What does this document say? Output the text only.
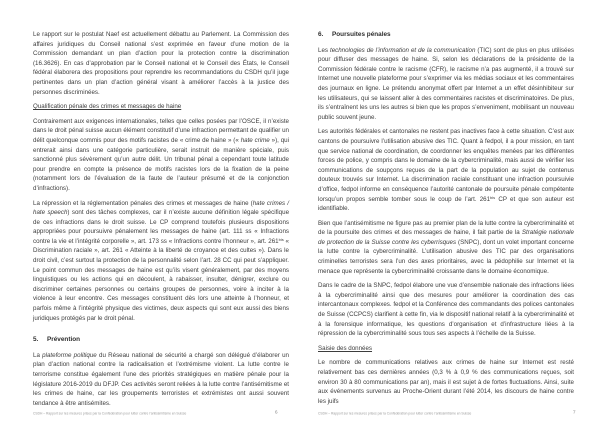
Le rapport sur le postulat Naef est actuellement débattu au Parlement. La Commission des affaires juridiques du Conseil national s’est exprimée en faveur d’une motion de la Commission demandant un plan d’action pour la protection contre la discrimination (16.3626). En cas d’approbation par le Conseil national et le Conseil des États, le Conseil fédéral élaborera des propositions pour reprendre les recommandations du CSDH qu’il juge pertinentes dans un plan d’action général visant à améliorer l’accès à la justice des personnes discriminées.

Qualification pénale des crimes et messages de haine

Contrairement aux exigences internationales, telles que celles posées par l’OSCE, il n’existe dans le droit pénal suisse aucun élément constitutif d’une infraction permettant de qualifier un délit quelconque commis pour des motifs racistes de « crime de haine » (« hate crime »), qui entrerait ainsi dans une catégorie particulière, serait instruit de manière spéciale, puis sanctionné plus sévèrement qu’un autre délit. Un tribunal pénal a cependant toute latitude pour prendre en compte la présence de motifs racistes lors de la fixation de la peine (notamment lors de l’évaluation de la faute de l’auteur présumé et de la conjonction d’infractions).

La répression et la réglementation pénales des crimes et messages de haine (hate crimes / hate speech) sont des tâches complexes, car il n’existe aucune définition légale spécifique de ces infractions dans le droit suisse. Le CP comprend toutefois plusieurs dispositions appropriées pour poursuivre pénalement les messages de haine (art. 111 ss « Infractions contre la vie et l’intégrité corporelle », art. 173 ss « Infractions contre l’honneur », art. $261^{bis}$ « Discrimination raciale », art. 261 « Atteinte à la liberté de croyance et des cultes »). Dans le droit civil, c’est surtout la protection de la personnalité selon l’art. 28 CC qui peut s’appliquer. Le point commun des messages de haine est qu’ils visent généralement, par des moyens linguistiques ou les actions qui en découlent, à rabaisser, insulter, dénigrer, exclure ou discriminer certaines personnes ou certains groupes de personnes, voire à inciter à la violence à leur encontre. Ces messages constituent dès lors une atteinte à l’honneur, et parfois même à l’intégrité physique des victimes, deux aspects qui sont eux aussi des biens juridiques protégés par le droit pénal.

5.	Prévention

La plateforme politique du Réseau national de sécurité a chargé son délégué d’élaborer un plan d’action national contre la radicalisation et l’extrémisme violent. La lutte contre le terrorisme constitue également l’une des priorités stratégiques en matière pénale pour la législature 2016-2019 du DFJP. Ces activités seront reliées à la lutte contre l’antisémitisme et les crimes de haine, car les groupements terroristes et extrémistes ont aussi souvent tendance à être antisémites.

6.	Poursuites pénales

Les technologies de l’information et de la communication (TIC) sont de plus en plus utilisées pour diffuser des messages de haine. Si, selon les déclarations de la présidente de la Commission fédérale contre le racisme (CFR), le racisme n’a pas augmenté, il a trouvé sur Internet une nouvelle plateforme pour s’exprimer via les médias sociaux et les commentaires des journaux en ligne. Le prétendu anonymat offert par Internet a un effet désinhibiteur sur les utilisateurs, qui se laissent aller à des commentaires racistes et discriminatoires. De plus, ils s’entraînent les uns les autres si bien que les propos s’enveniment, mobilisant un nouveau public souvent jeune.

Les autorités fédérales et cantonales ne restent pas inactives face à cette situation. C’est aux cantons de poursuivre l’utilisation abusive des TIC. Quant à fedpol, il a pour mission, en tant que service national de coordination, de coordonner les enquêtes menées par les différentes forces de police, y compris dans le domaine de la cybercriminalité, mais aussi de vérifier les communications de soupçons reçues de la part de la population au sujet de contenus douteux trouvés sur Internet. La discrimination raciale constituant une infraction poursuivie d’office, fedpol informe en conséquence l’autorité cantonale de poursuite pénale compétente lorsqu’un propos semble tomber sous le coup de l’art. $261^{bis}$ CP et que son auteur est identifiable.

Bien que l’antisémitisme ne figure pas au premier plan de la lutte contre la cybercriminalité et de la poursuite des crimes et des messages de haine, il fait partie de la Stratégie nationale de protection de la Suisse contre les cyberrisques (SNPC), dont un volet important concerne la lutte contre la cybercriminalité. L’utilisation abusive des TIC par des organisations criminelles terroristes sera l’un des axes prioritaires, avec la pédophilie sur Internet et la menace que représente la cybercriminalité croissante dans le domaine économique.

Dans le cadre de la SNPC, fedpol élabore une vue d’ensemble nationale des infractions liées à la cybercriminalité ainsi que des mesures pour améliorer la coordination des cas intercantonaux complexes. fedpol et la Conférence des commandants des polices cantonales de Suisse (CCPCS) clarifient à cette fin, via le dispositif national relatif à la cybercriminalité et à la forensique informatique, les questions d’organisation et d’infrastructure liées à la répression de la cybercriminalité sous tous ses aspects à l’échelle de la Suisse.

Saisie des données

Le nombre de communications relatives aux crimes de haine sur Internet est resté relativement bas ces dernières années (0,3 % à 0,9 % des communications reçues, soit environ 30 à 80 communications par an), mais il est sujet à de fortes fluctuations. Ainsi, suite aux événements survenus au Proche-Orient durant l’été 2014, les discours de haine contre les juifs

CSDH – Rapport sur les mesures prises par la Confédération pour lutter contre l’antisémitisme en Suisse	6	CSDH – Rapport sur les mesures prises par la Confédération pour lutter contre l’antisémitisme en Suisse	7
